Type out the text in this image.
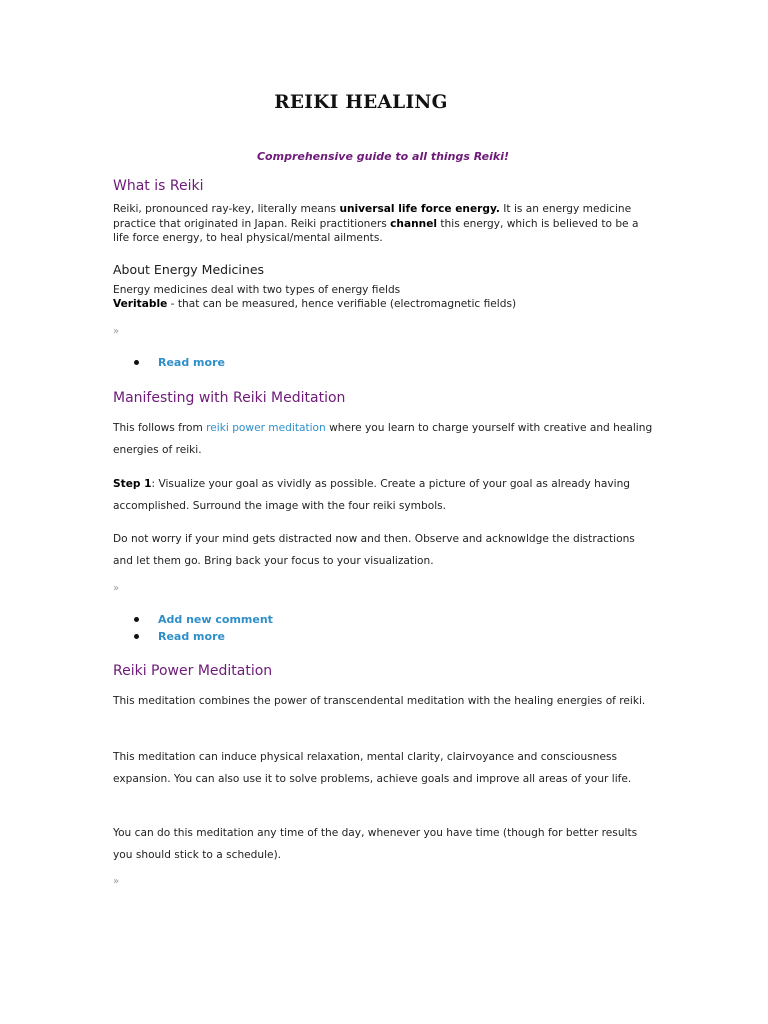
REIKI HEALING

Comprehensive guide to all things Reiki!

What is Reiki

Reiki, pronounced ray-key, literally means universal life force energy. It is an energy medicine practice that originated in Japan. Reiki practitioners channel this energy, which is believed to be a life force energy, to heal physical/mental ailments.

About Energy Medicines

Energy medicines deal with two types of energy fields

Veritable - that can be measured, hence verifiable (electromagnetic fields)

»
Read more
Manifesting with Reiki Meditation

This follows from reiki power meditation where you learn to charge yourself with creative and healing energies of reiki.

Step 1: Visualize your goal as vividly as possible. Create a picture of your goal as already having accomplished. Surround the image with the four reiki symbols.

Do not worry if your mind gets distracted now and then. Observe and acknowldge the distractions and let them go. Bring back your focus to your visualization.

»
Add new comment
Read more
Reiki Power Meditation

This meditation combines the power of transcendental meditation with the healing energies of reiki.

This meditation can induce physical relaxation, mental clarity, clairvoyance and consciousness expansion. You can also use it to solve problems, achieve goals and improve all areas of your life.

You can do this meditation any time of the day, whenever you have time (though for better results you should stick to a schedule).

»
